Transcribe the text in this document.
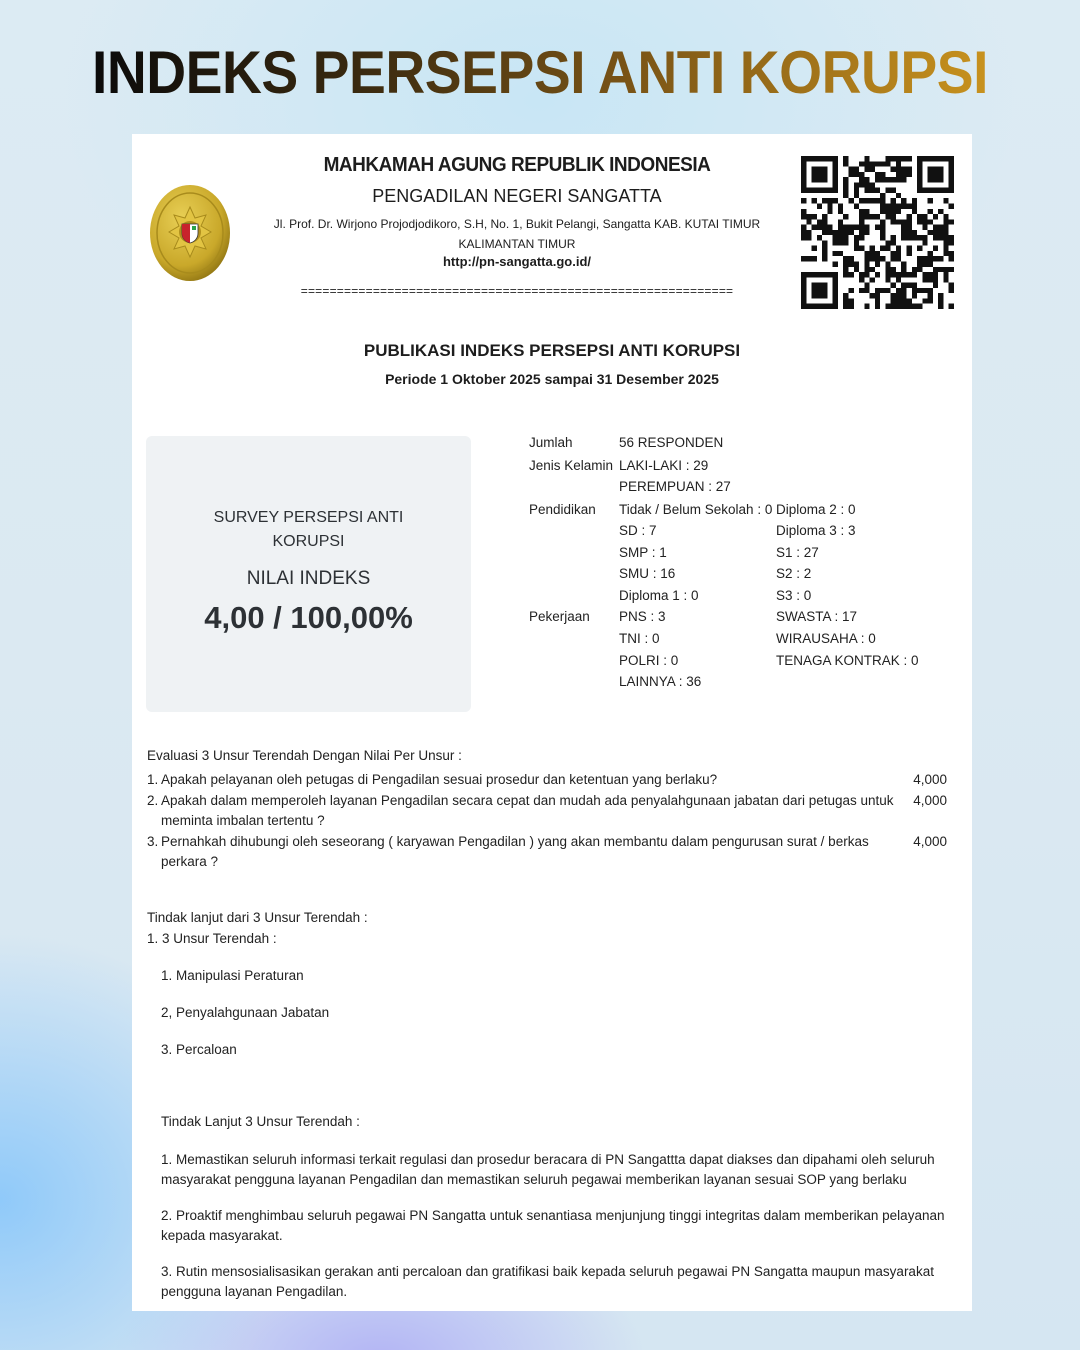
INDEKS PERSEPSI ANTI KORUPSI
MAHKAMAH AGUNG REPUBLIK INDONESIA
PENGADILAN NEGERI SANGATTA
Jl. Prof. Dr. Wirjono Projodjodikoro, S.H, No. 1, Bukit Pelangi, Sangatta KAB. KUTAI TIMUR
KALIMANTAN TIMUR
http://pn-sangatta.go.id/
============================================================
PUBLIKASI INDEKS PERSEPSI ANTI KORUPSI
Periode 1 Oktober 2025 sampai 31 Desember 2025
SURVEY PERSEPSI ANTI KORUPSI
NILAI INDEKS
4,00 / 100,00%
Jumlah	56 RESPONDEN
Jenis Kelamin LAKI-LAKI : 29
PEREMPUAN : 27
Pendidikan Tidak / Belum Sekolah : 0
SD : 7
SMP : 1
SMU : 16
Diploma 1 : 0
Diploma 2 : 0
Diploma 3 : 3
S1 : 27
S2 : 2
S3 : 0
Pekerjaan PNS : 3
TNI : 0
POLRI : 0
LAINNYA : 36
SWASTA : 17
WIRAUSAHA : 0
TENAGA KONTRAK : 0
Evaluasi 3 Unsur Terendah Dengan Nilai Per Unsur :
1. Apakah pelayanan oleh petugas di Pengadilan sesuai prosedur dan ketentuan yang berlaku?	4,000
2. Apakah dalam memperoleh layanan Pengadilan secara cepat dan mudah ada penyalahgunaan jabatan dari petugas untuk meminta imbalan tertentu ?
4,000
3. Pernahkah dihubungi oleh seseorang ( karyawan Pengadilan ) yang akan membantu dalam pengurusan surat / berkas perkara ?
4,000
Tindak lanjut dari 3 Unsur Terendah :
1. 3 Unsur Terendah :
1. Manipulasi Peraturan
2, Penyalahgunaan Jabatan
3. Percaloan
Tindak Lanjut 3 Unsur Terendah :
1. Memastikan seluruh informasi terkait regulasi dan prosedur beracara di PN Sangattta dapat diakses dan dipahami oleh seluruh masyarakat pengguna layanan Pengadilan dan memastikan seluruh pegawai memberikan layanan sesuai SOP yang berlaku
2. Proaktif menghimbau seluruh pegawai PN Sangatta untuk senantiasa menjunjung tinggi integritas dalam memberikan pelayanan kepada masyarakat.
3. Rutin mensosialisasikan gerakan anti percaloan dan gratifikasi baik kepada seluruh pegawai PN Sangatta maupun masyarakat pengguna layanan Pengadilan.
